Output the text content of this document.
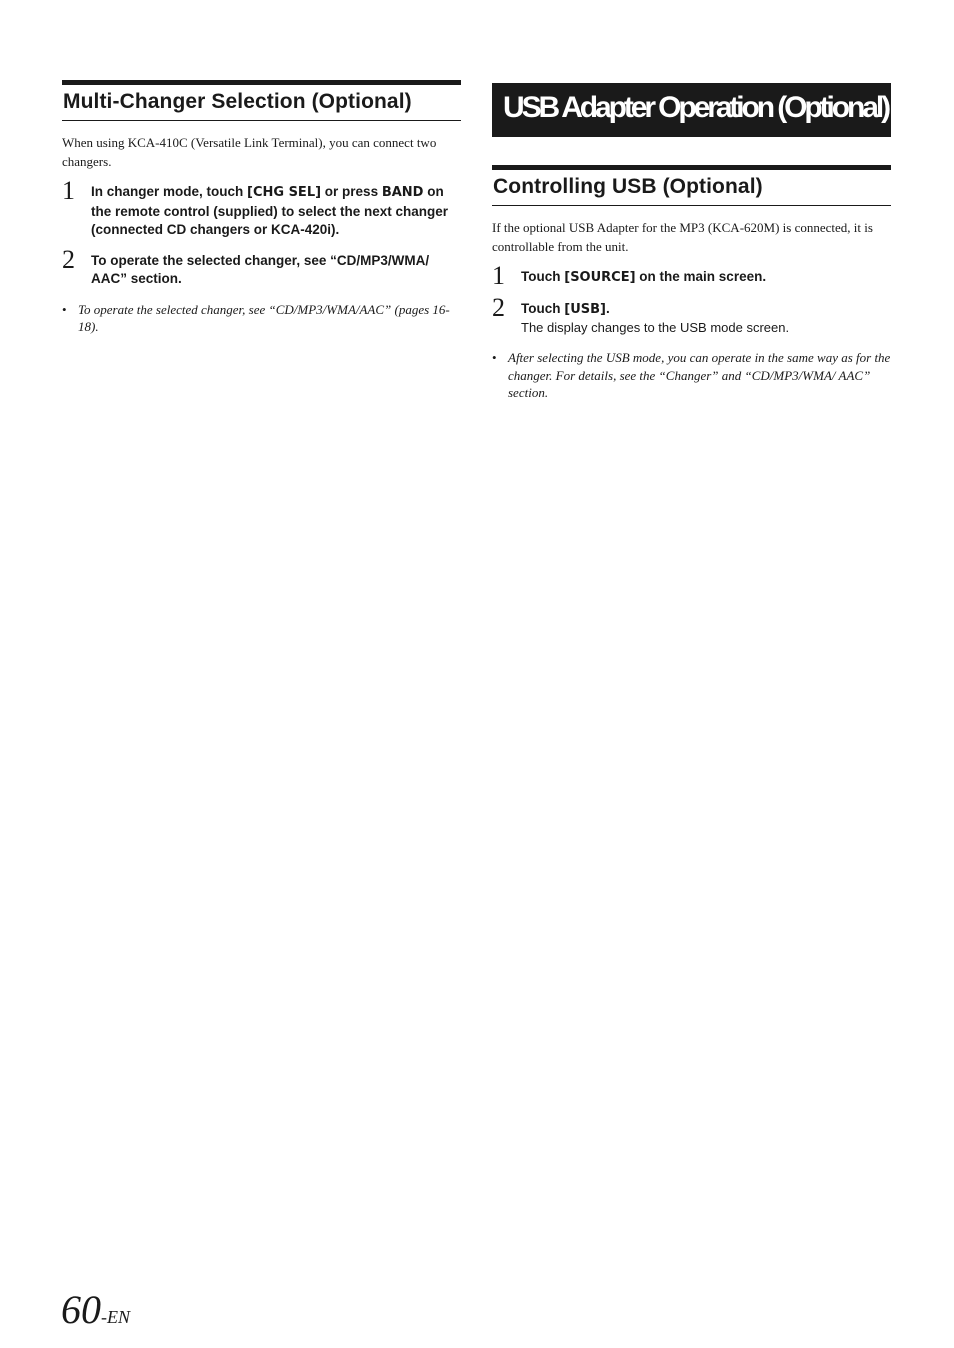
Multi-Changer Selection (Optional)

When using KCA-410C (Versatile Link Terminal), you can connect two changers.

1 In changer mode, touch [CHG SEL] or press BAND on the remote control (supplied) to select the next changer (connected CD changers or KCA-420i).
2 To operate the selected changer, see “CD/MP3/WMA/ AAC” section.
• To operate the selected changer, see “CD/MP3/WMA/AAC” (pages 16-18).
USB Adapter Operation (Optional)
Controlling USB (Optional)

If the optional USB Adapter for the MP3 (KCA-620M) is connected, it is controllable from the unit.

1 Touch [SOURCE] on the main screen.
2 Touch [USB].
The display changes to the USB mode screen.
• After selecting the USB mode, you can operate in the same way as for the changer. For details, see the “Changer” and “CD/MP3/WMA/ AAC” section.
60-EN
